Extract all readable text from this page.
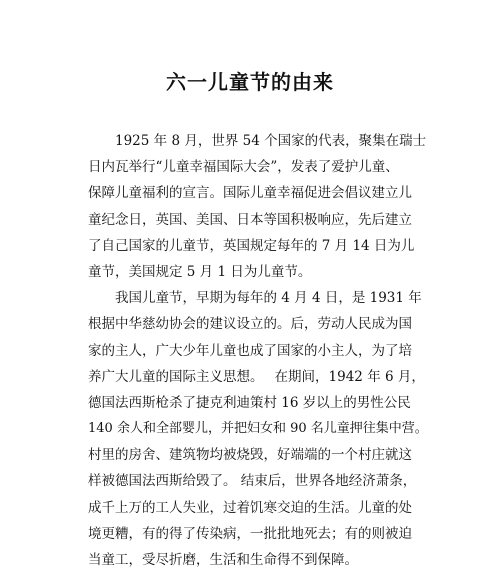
六一儿童节的由来
　　1925 年 8 月，世界 54 个国家的代表，聚集在瑞士
日内瓦举行“儿童幸福国际大会”，发表了爱护儿童、
保障儿童福利的宣言。国际儿童幸福促进会倡议建立儿
童纪念日，英国、美国、日本等国积极响应，先后建立
了自己国家的儿童节，英国规定每年的 7 月 14 日为儿
童节，美国规定 5 月 1 日为儿童节。
　　我国儿童节，早期为每年的 4 月 4 日，是 1931 年
根据中华慈幼协会的建议设立的。后，劳动人民成为国
家的主人，广大少年儿童也成了国家的小主人，为了培
养广大儿童的国际主义思想。　 在期间，1942 年 6 月，
德国法西斯枪杀了捷克利迪策村 16 岁以上的男性公民
140 余人和全部婴儿，并把妇女和 90 名儿童押往集中营。
村里的房舍、建筑物均被烧毁，好端端的一个村庄就这
样被德国法西斯给毁了。 结束后，世界各地经济萧条，
成千上万的工人失业，过着饥寒交迫的生活。儿童的处
境更糟，有的得了传染病，一批批地死去；有的则被迫
当童工，受尽折磨，生活和生命得不到保障。
